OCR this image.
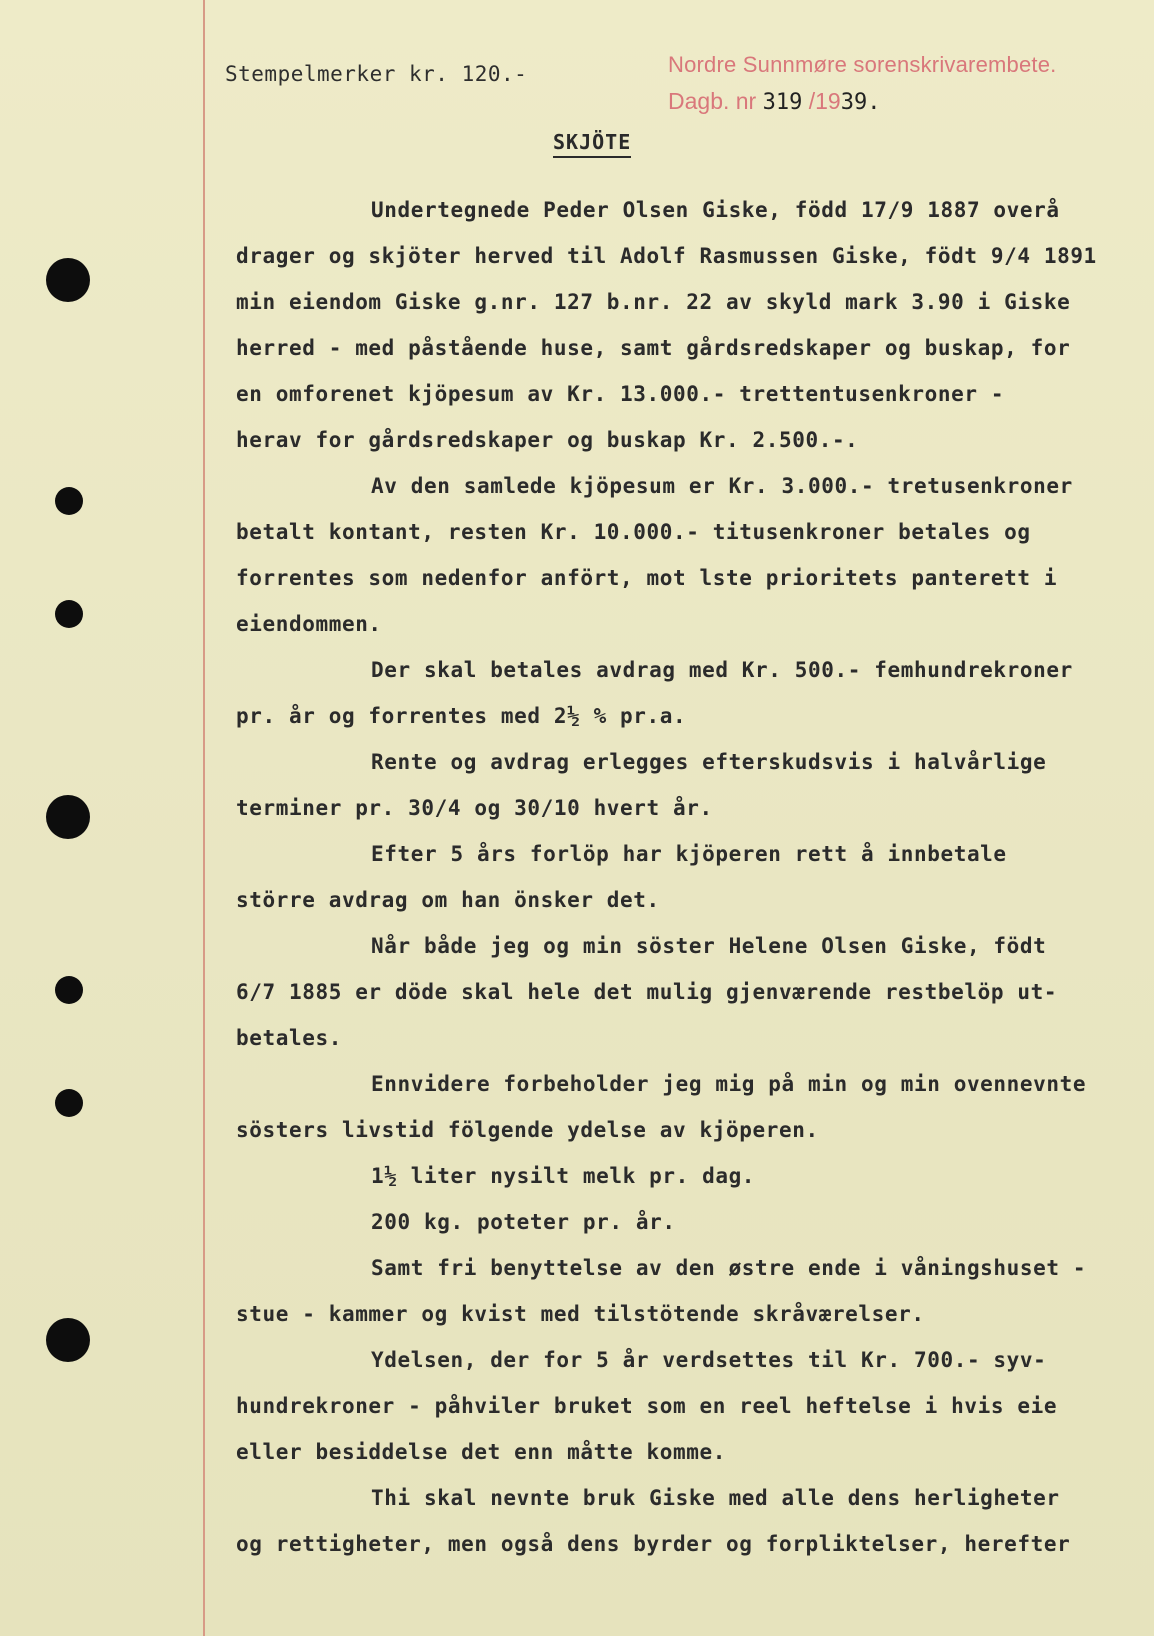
Stempelmerker kr. 120.-	Nordre Sunnmøre sorenskrivarembete.
Dagb. nr 319 /1939.
SKJÖTE
Undertegnede Peder Olsen Giske, född 17/9 1887 overå
drager og skjöter herved til Adolf Rasmussen Giske, födt 9/4 1891
min eiendom Giske g.nr. 127 b.nr. 22 av skyld mark 3.90 i Giske
herred - med påstående huse, samt gårdsredskaper og buskap, for
en omforenet kjöpesum av Kr. 13.000.- trettentusenkroner -
herav for gårdsredskaper og buskap Kr. 2.500.-.
Av den samlede kjöpesum er Kr. 3.000.- tretusenkroner
betalt kontant, resten Kr. 10.000.- titusenkroner betales og
forrentes som nedenfor anfört, mot lste prioritets panterett i
eiendommen.
Der skal betales avdrag med Kr. 500.- femhundrekroner
pr. år og forrentes med 2½ % pr.a.
Rente og avdrag erlegges efterskudsvis i halvårlige
terminer pr. 30/4 og 30/10 hvert år.
Efter 5 års forlöp har kjöperen rett å innbetale
större avdrag om han önsker det.
Når både jeg og min söster Helene Olsen Giske, födt
6/7 1885 er döde skal hele det mulig gjenværende restbelöp ut-
betales.
Ennvidere forbeholder jeg mig på min og min ovennevnte
sösters livstid fölgende ydelse av kjöperen.
1½ liter nysilt melk pr. dag.
200 kg. poteter pr. år.
Samt fri benyttelse av den østre ende i våningshuset -
stue - kammer og kvist med tilstötende skråværelser.
Ydelsen, der for 5 år verdsettes til Kr. 700.- syv-
hundrekroner - påhviler bruket som en reel heftelse i hvis eie
eller besiddelse det enn måtte komme.
Thi skal nevnte bruk Giske med alle dens herligheter
og rettigheter, men også dens byrder og forpliktelser, herefter
